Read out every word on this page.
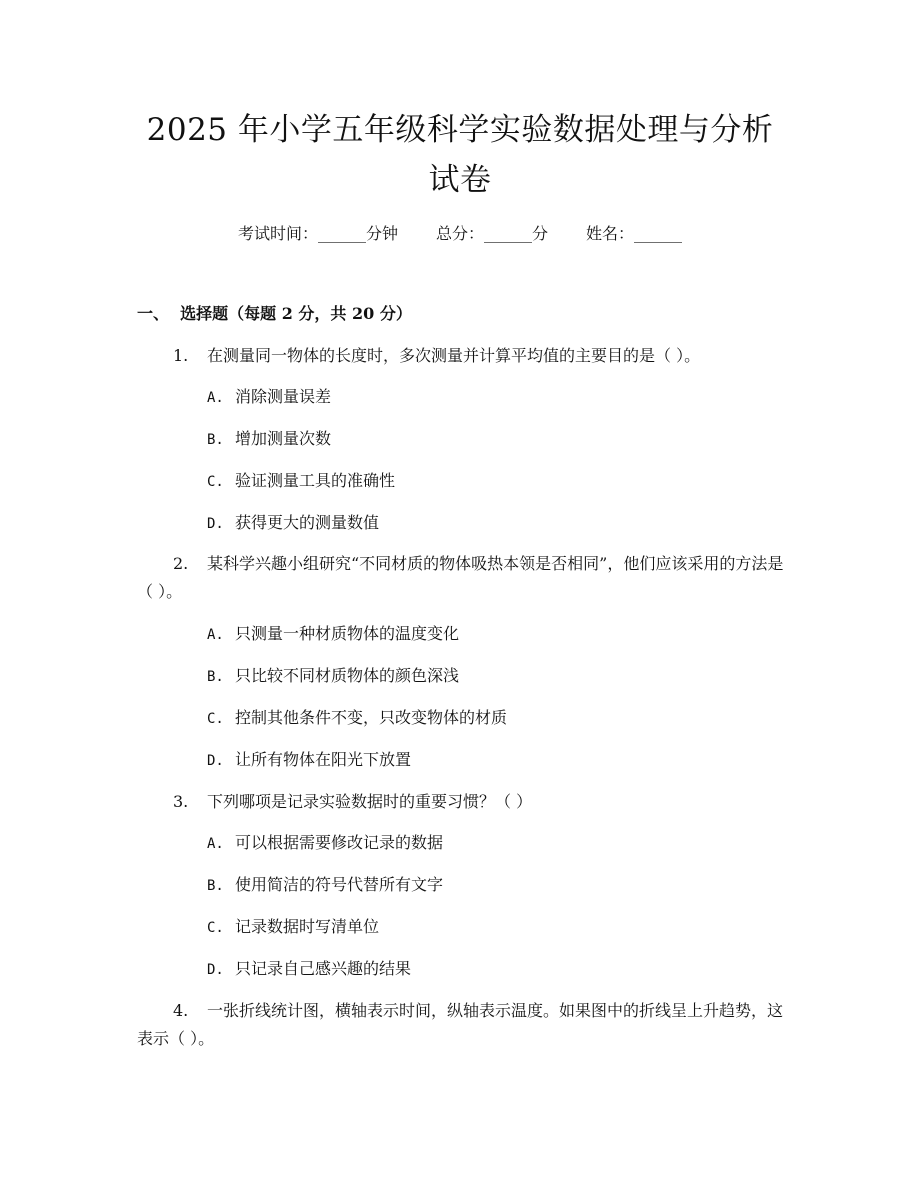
2025 年小学五年级科学实验数据处理与分析
试卷
考试时间：______分钟 总分：______分 姓名：______
一、  选择题（每题 2 分，共 20 分）
1. 在测量同一物体的长度时，多次测量并计算平均值的主要目的是（ ）。
A. 消除测量误差
B. 增加测量次数
C. 验证测量工具的准确性
D. 获得更大的测量数值
2. 某科学兴趣小组研究“不同材质的物体吸热本领是否相同”，他们应该采用的方法是（ ）。
A. 只测量一种材质物体的温度变化
B. 只比较不同材质物体的颜色深浅
C. 控制其他条件不变，只改变物体的材质
D. 让所有物体在阳光下放置
3. 下列哪项是记录实验数据时的重要习惯？（ ）
A. 可以根据需要修改记录的数据
B. 使用简洁的符号代替所有文字
C. 记录数据时写清单位
D. 只记录自己感兴趣的结果
4. 一张折线统计图，横轴表示时间，纵轴表示温度。如果图中的折线呈上升趋势，这表示（ ）。
